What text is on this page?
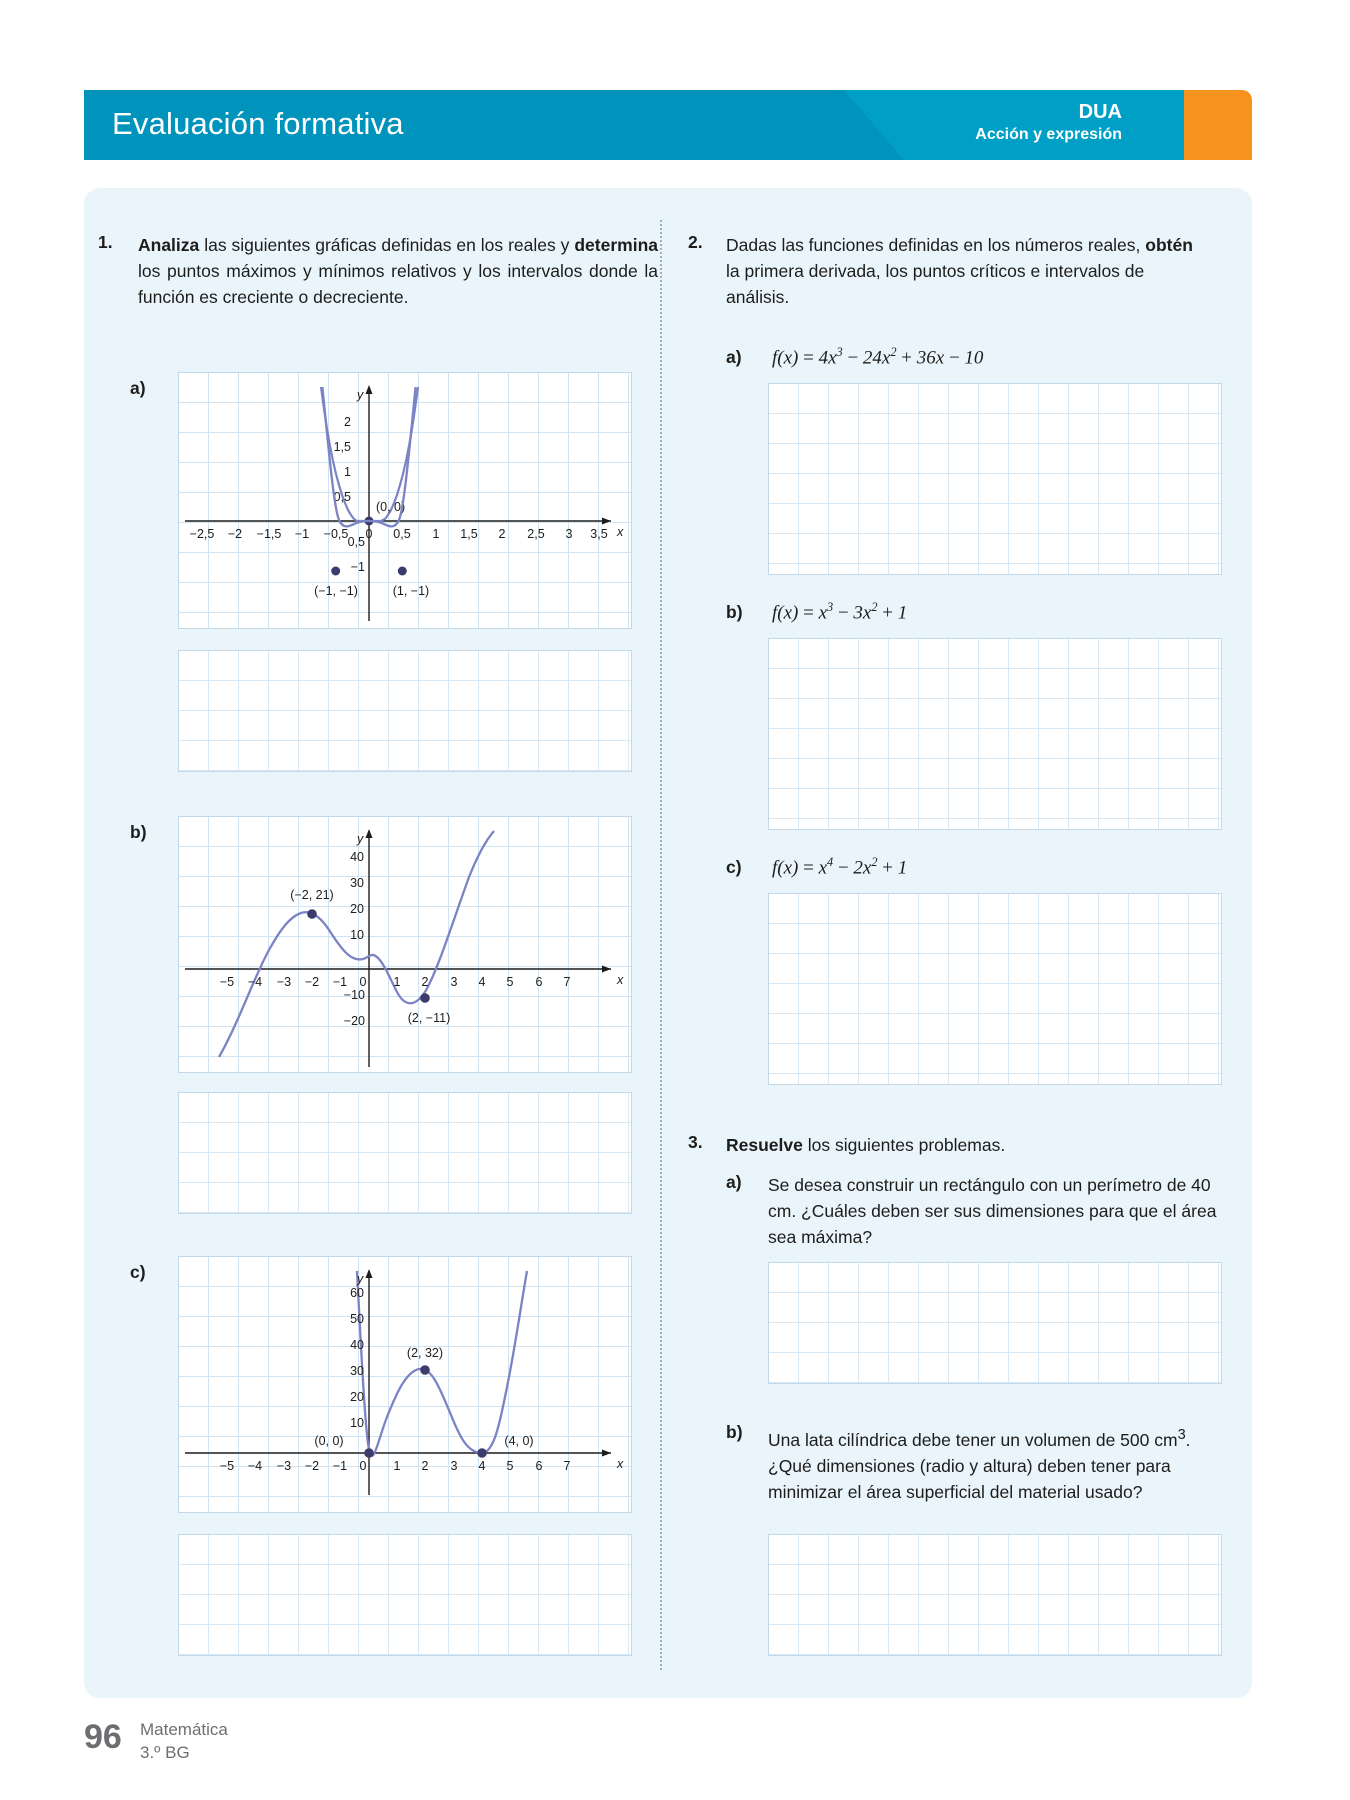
Evaluación formativa	DUA
Acción y expresión
1. Analiza las siguientes gráficas definidas en los reales y determina los puntos máximos y mínimos relativos y los intervalos donde la función es creciente o decreciente.
a)
2
1,5
1
0,5
0,5
−1
−2,5 −2 −1,5 −1 −0,5 0 0,5 1 1,5 2 2,5 3 3,5 x
y
(0, 0)
(−1, −1)	(1, −1)
b)
40
30
20
10
−10
−20
−5 −4 −3 −2 −1 0 1 2 3 4 5 6 7	x
y
(−2, 21)
(2, −11)
c)
60
50
40
30
20
10
−5 −4 −3 −2 −1 0 1 2 3 4 5 6 7	x
y
(0, 0)
(2, 32)
(4, 0)
2. Dadas las funciones definidas en los números reales, obtén la primera derivada, los puntos críticos e intervalos de análisis.
a) $f(x) = 4x^3 - 24x^2 + 36x - 10$
b) $f(x) = x^3 - 3x^2 + 1$
c) $f(x) = x^4 - 2x^2 + 1$
3. Resuelve los siguientes problemas.
a) Se desea construir un rectángulo con un perímetro de 40 cm. ¿Cuáles deben ser sus dimensiones para que el área sea máxima?
b) Una lata cilíndrica debe tener un volumen de 500 $cm^3$. ¿Qué dimensiones (radio y altura) deben tener para minimizar el área superficial del material usado?
96 Matemática
3.º BG
